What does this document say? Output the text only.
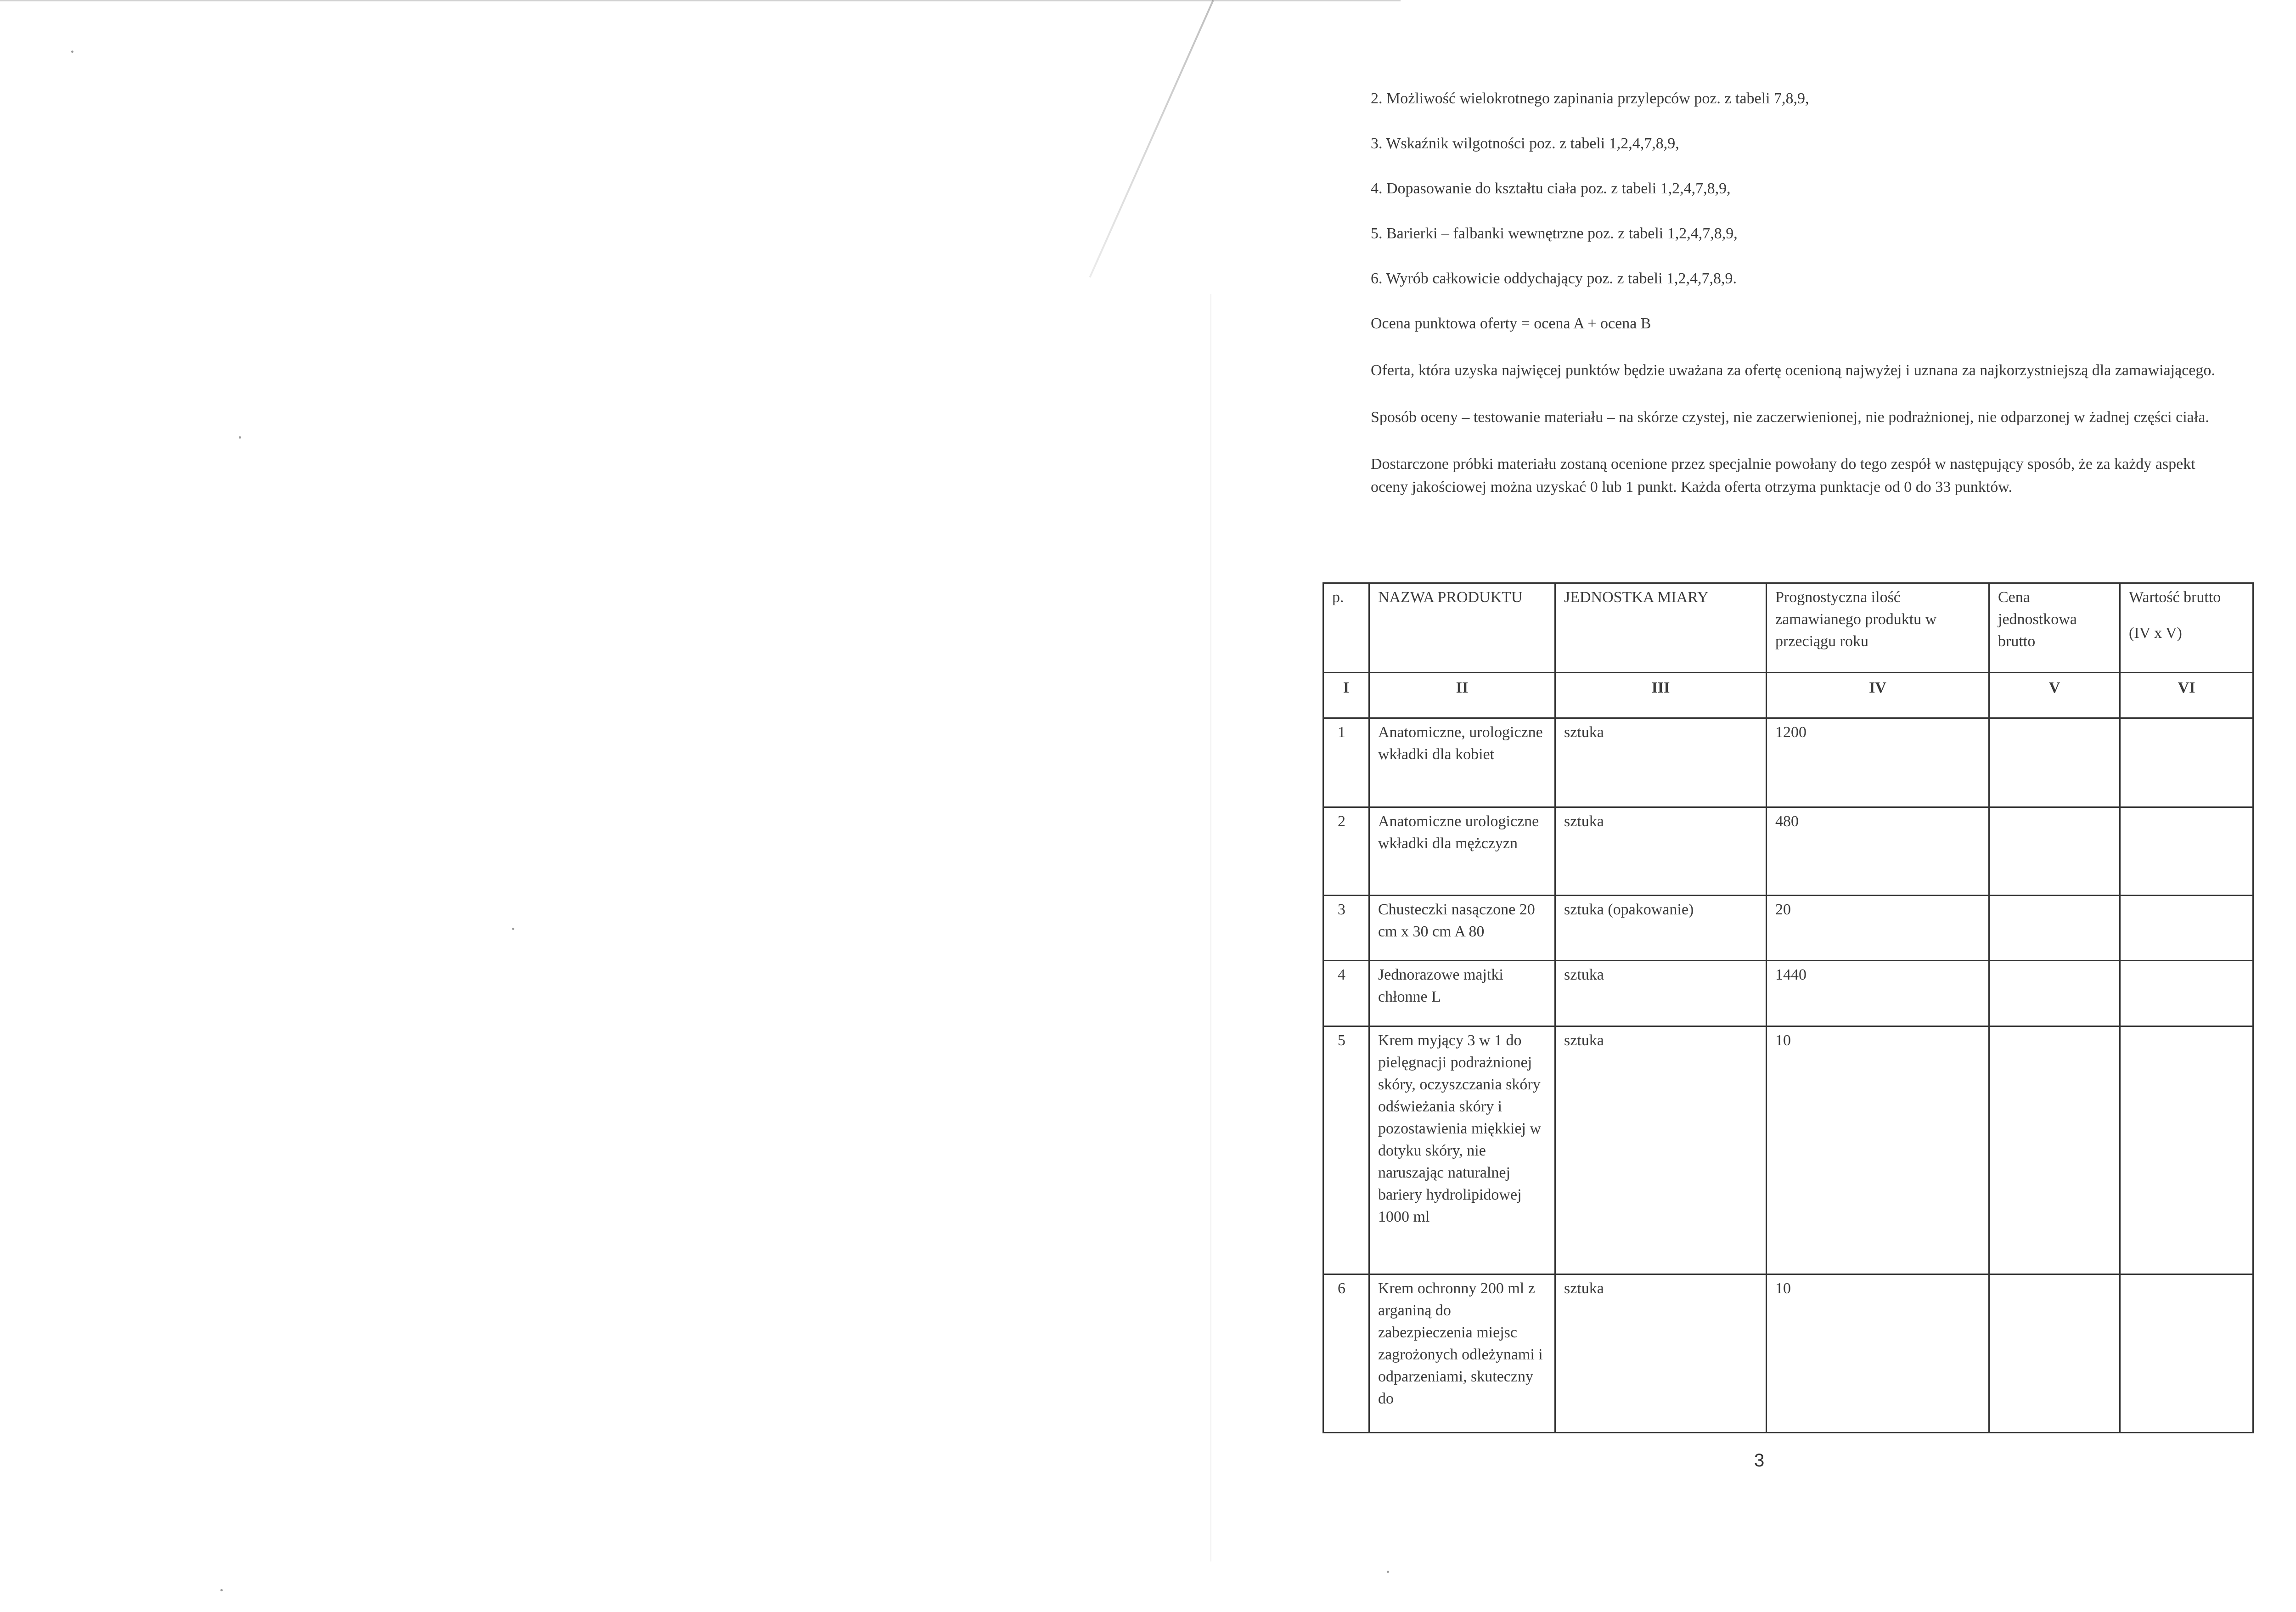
2. Możliwość wielokrotnego zapinania przylepców poz. z tabeli 7,8,9,

3. Wskaźnik wilgotności poz. z tabeli 1,2,4,7,8,9,

4. Dopasowanie do kształtu ciała poz. z tabeli 1,2,4,7,8,9,

5. Barierki – falbanki wewnętrzne poz. z tabeli 1,2,4,7,8,9,

6. Wyrób całkowicie oddychający poz. z tabeli 1,2,4,7,8,9.

Ocena punktowa oferty = ocena A + ocena B

Oferta, która uzyska najwięcej punktów będzie uważana za ofertę ocenioną najwyżej i uznana za najkorzystniejszą dla zamawiającego.

Sposób oceny – testowanie materiału – na skórze czystej, nie zaczerwienionej, nie podrażnionej, nie odparzonej w żadnej części ciała.

Dostarczone próbki materiału zostaną ocenione przez specjalnie powołany do tego zespół w następujący sposób, że za każdy aspekt oceny jakościowej można uzyskać 0 lub 1 punkt. Każda oferta otrzyma punktacje od 0 do 33 punktów.

p.	NAZWA PRODUKTU	JEDNOSTKA MIARY	Prognostyczna ilość zamawianego produktu w przeciągu roku	Cena jednostkowa brutto	Wartość brutto
(IV x V)

I	II	III	IV	V	VI
1	Anatomiczne, urologiczne wkładki dla kobiet	sztuka	1200		
2	Anatomiczne urologiczne wkładki dla mężczyzn	sztuka	480		
3	Chusteczki nasączone 20 cm x 30 cm A 80	sztuka (opakowanie)	20		
4	Jednorazowe majtki chłonne L	sztuka	1440		
5	Krem myjący 3 w 1 do pielęgnacji podrażnionej skóry, oczyszczania skóry odświeżania skóry i pozostawienia miękkiej w dotyku skóry, nie naruszając naturalnej bariery hydrolipidowej 1000 ml	sztuka	10		
6	Krem ochronny 200 ml z arganiną do zabezpieczenia miejsc zagrożonych odleżynami i odparzeniami, skuteczny do	sztuka	10		
3
